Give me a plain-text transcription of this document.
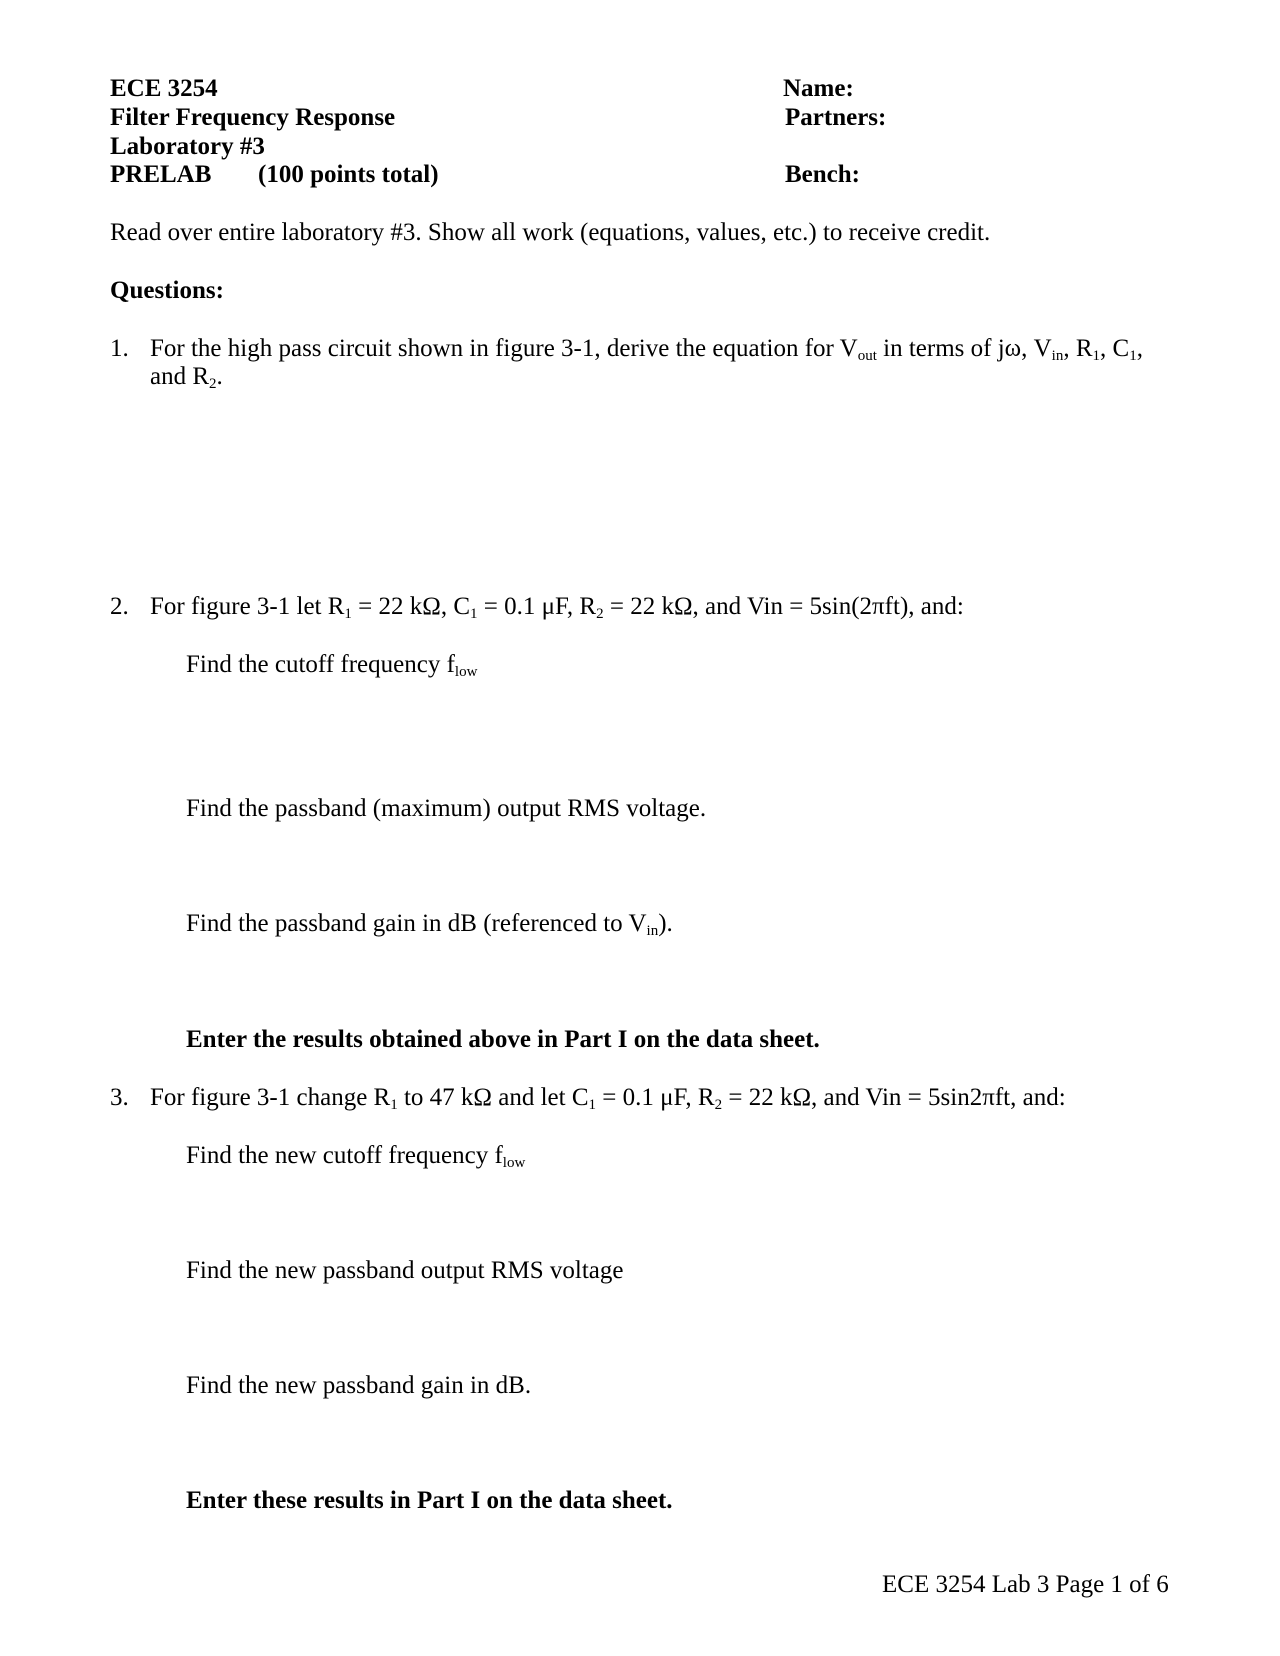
ECE 3254
Filter Frequency Response
Laboratory #3
PRELAB (100 points total)
Name:
Partners:
Bench:
Read over entire laboratory #3. Show all work (equations, values, etc.) to receive credit.
Questions:
1. For the high pass circuit shown in figure 3-1, derive the equation for $V_{out}$ in terms of jω, $V_{in}$, $R_1$, $C_1$,
and $R_2$.
2. For figure 3-1 let $R_1 = 22$ kΩ, $C_1 = 0.1$ μF, $R_2 = 22$ kΩ, and Vin = 5sin(2πft), and:
Find the cutoff frequency $f_{low}$
Find the passband (maximum) output RMS voltage.
Find the passband gain in dB (referenced to $V_{in}$).
Enter the results obtained above in Part I on the data sheet.
3. For figure 3-1 change $R_1$ to 47 kΩ and let $C_1 = 0.1$ μF, $R_2 = 22$ kΩ, and Vin = 5sin2πft, and:
Find the new cutoff frequency $f_{low}$
Find the new passband output RMS voltage
Find the new passband gain in dB.
Enter these results in Part I on the data sheet.
ECE 3254 Lab 3 Page 1 of 6
